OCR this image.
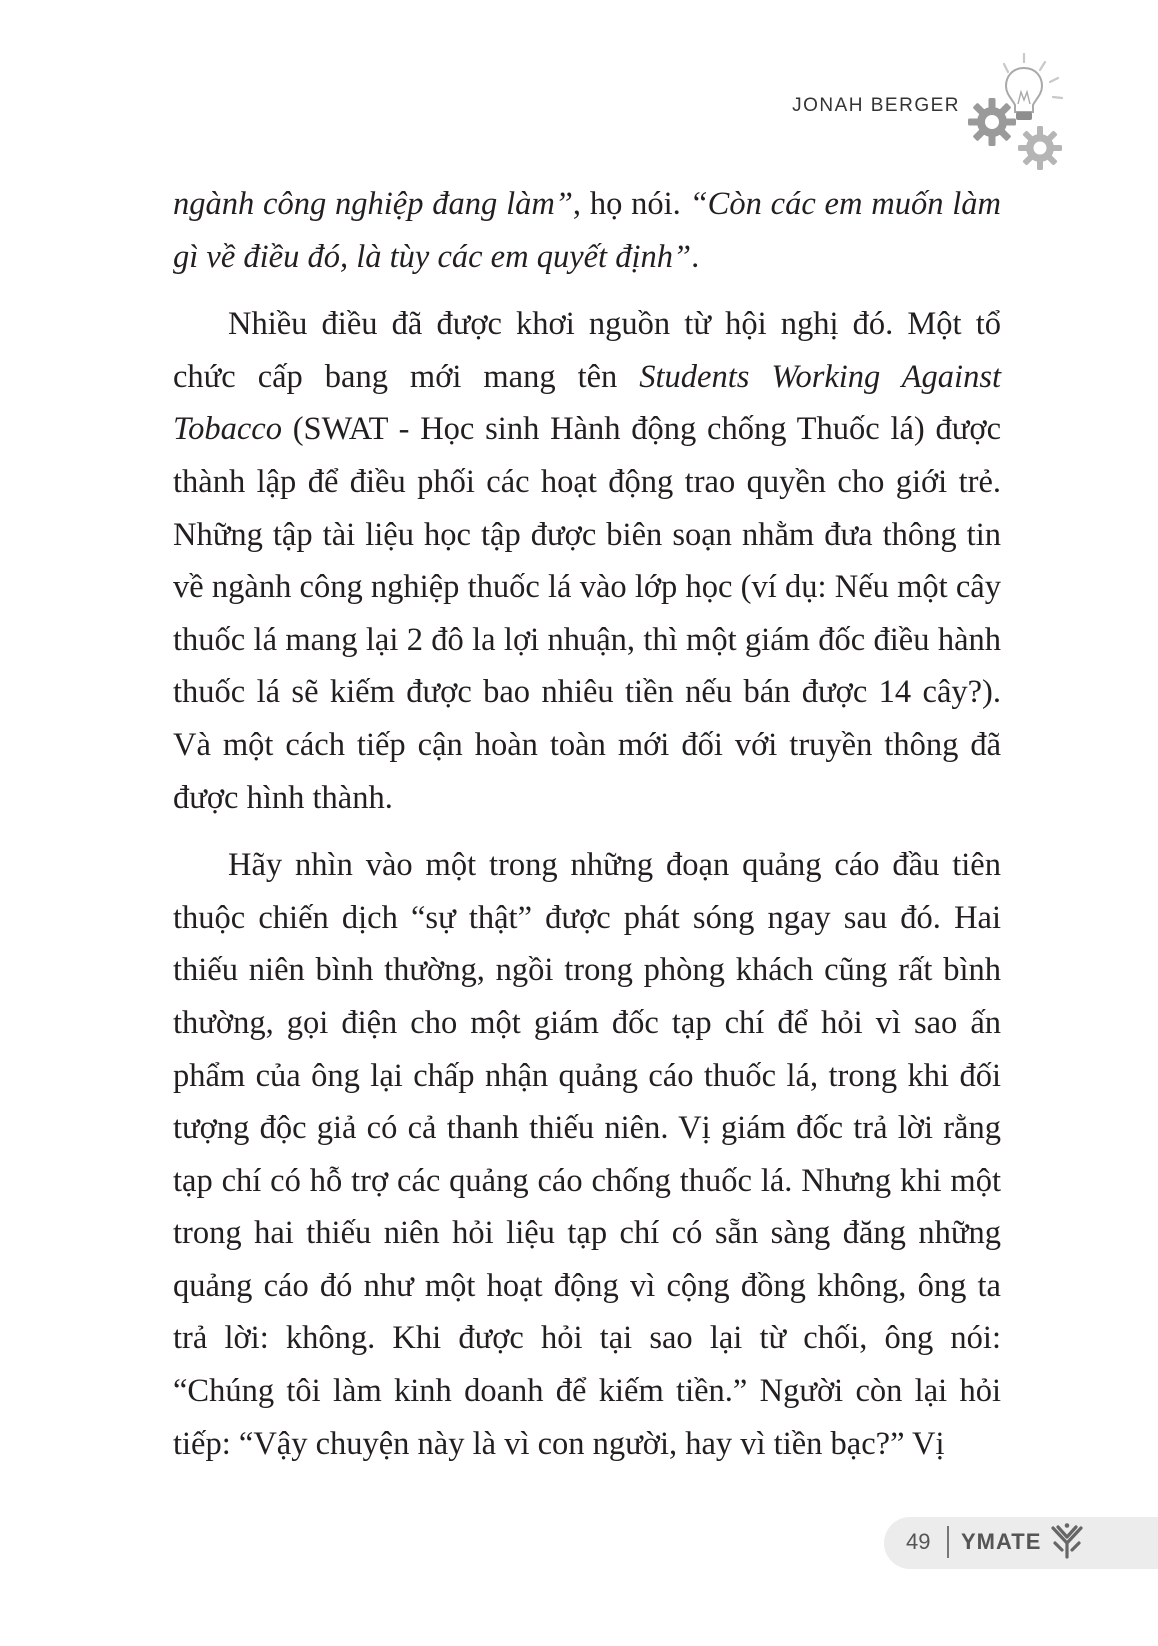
JONAH BERGER

ngành công nghiệp đang làm”, họ nói. “Còn các em muốn làm gì về điều đó, là tùy các em quyết định”.

Nhiều điều đã được khơi nguồn từ hội nghị đó. Một tổ chức cấp bang mới mang tên Students Working Against Tobacco (SWAT - Học sinh Hành động chống Thuốc lá) được thành lập để điều phối các hoạt động trao quyền cho giới trẻ. Những tập tài liệu học tập được biên soạn nhằm đưa thông tin về ngành công nghiệp thuốc lá vào lớp học (ví dụ: Nếu một cây thuốc lá mang lại 2 đô la lợi nhuận, thì một giám đốc điều hành thuốc lá sẽ kiếm được bao nhiêu tiền nếu bán được 14 cây?). Và một cách tiếp cận hoàn toàn mới đối với truyền thông đã được hình thành.

Hãy nhìn vào một trong những đoạn quảng cáo đầu tiên thuộc chiến dịch “sự thật” được phát sóng ngay sau đó. Hai thiếu niên bình thường, ngồi trong phòng khách cũng rất bình thường, gọi điện cho một giám đốc tạp chí để hỏi vì sao ấn phẩm của ông lại chấp nhận quảng cáo thuốc lá, trong khi đối tượng độc giả có cả thanh thiếu niên. Vị giám đốc trả lời rằng tạp chí có hỗ trợ các quảng cáo chống thuốc lá. Nhưng khi một trong hai thiếu niên hỏi liệu tạp chí có sẵn sàng đăng những quảng cáo đó như một hoạt động vì cộng đồng không, ông ta trả lời: không. Khi được hỏi tại sao lại từ chối, ông nói: “Chúng tôi làm kinh doanh để kiếm tiền.” Người còn lại hỏi tiếp: “Vậy chuyện này là vì con người, hay vì tiền bạc?” Vị

49 YMATE
